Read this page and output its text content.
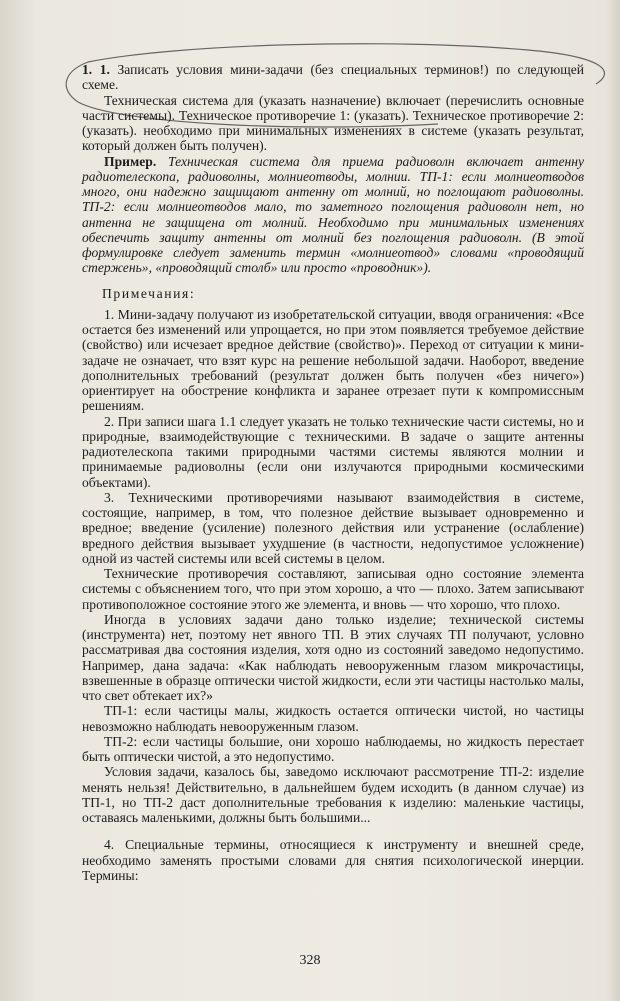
1. 1. Записать условия мини-задачи (без специальных терминов!) по следующей схеме.

Техническая система для (указать назначение) включает (перечислить основные части системы). Техническое противоречие 1: (указать). Техническое противоречие 2: (указать). необходимо при минимальных изменениях в системе (указать результат, который должен быть получен).

Пример. Техническая система для приема радиоволн включает антенну радиотелескопа, радиоволны, молниеотводы, молнии. ТП-1: если молниеотводов много, они надежно защищают антенну от молний, но поглощают радиоволны. ТП-2: если молниеотводов мало, то заметного поглощения радиоволн нет, но антенна не защищена от молний. Необходимо при минимальных изменениях обеспечить защиту антенны от молний без поглощения радиоволн. (В этой формулировке следует заменить термин «молниеотвод» словами «проводящий стержень», «проводящий столб» или просто «проводник»).

Примечания:

1. Мини-задачу получают из изобретательской ситуации, вводя ограничения: «Все остается без изменений или упрощается, но при этом появляется требуемое действие (свойство) или исчезает вредное действие (свойство)». Переход от ситуации к мини-задаче не означает, что взят курс на решение небольшой задачи. Наоборот, введение дополнительных требований (результат должен быть получен «без ничего») ориентирует на обострение конфликта и заранее отрезает пути к компромиссным решениям.

2. При записи шага 1.1 следует указать не только технические части системы, но и природные, взаимодействующие с техническими. В задаче о защите антенны радиотелескопа такими природными частями системы являются молнии и принимаемые радиоволны (если они излучаются природными космическими объектами).

3. Техническими противоречиями называют взаимодействия в системе, состоящие, например, в том, что полезное действие вызывает одновременно и вредное; введение (усиление) полезного действия или устранение (ослабление) вредного действия вызывает ухудшение (в частности, недопустимое усложнение) одной из частей системы или всей системы в целом.

Технические противоречия составляют, записывая одно состояние элемента системы с объяснением того, что при этом хорошо, а что — плохо. Затем записывают противоположное состояние этого же элемента, и вновь — что хорошо, что плохо.

Иногда в условиях задачи дано только изделие; технической системы (инструмента) нет, поэтому нет явного ТП. В этих случаях ТП получают, условно рассматривая два состояния изделия, хотя одно из состояний заведомо недопустимо. Например, дана задача: «Как наблюдать невооруженным глазом микрочастицы, взвешенные в образце оптически чистой жидкости, если эти частицы настолько малы, что свет обтекает их?»

ТП-1: если частицы малы, жидкость остается оптически чистой, но частицы невозможно наблюдать невооруженным глазом.

ТП-2: если частицы большие, они хорошо наблюдаемы, но жидкость перестает быть оптически чистой, а это недопустимо.

Условия задачи, казалось бы, заведомо исключают рассмотрение ТП-2: изделие менять нельзя! Действительно, в дальнейшем будем исходить (в данном случае) из ТП-1, но ТП-2 даст дополнительные требования к изделию: маленькие частицы, оставаясь маленькими, должны быть большими...

4. Специальные термины, относящиеся к инструменту и внешней среде, необходимо заменять простыми словами для снятия психологической инерции. Термины:

328
